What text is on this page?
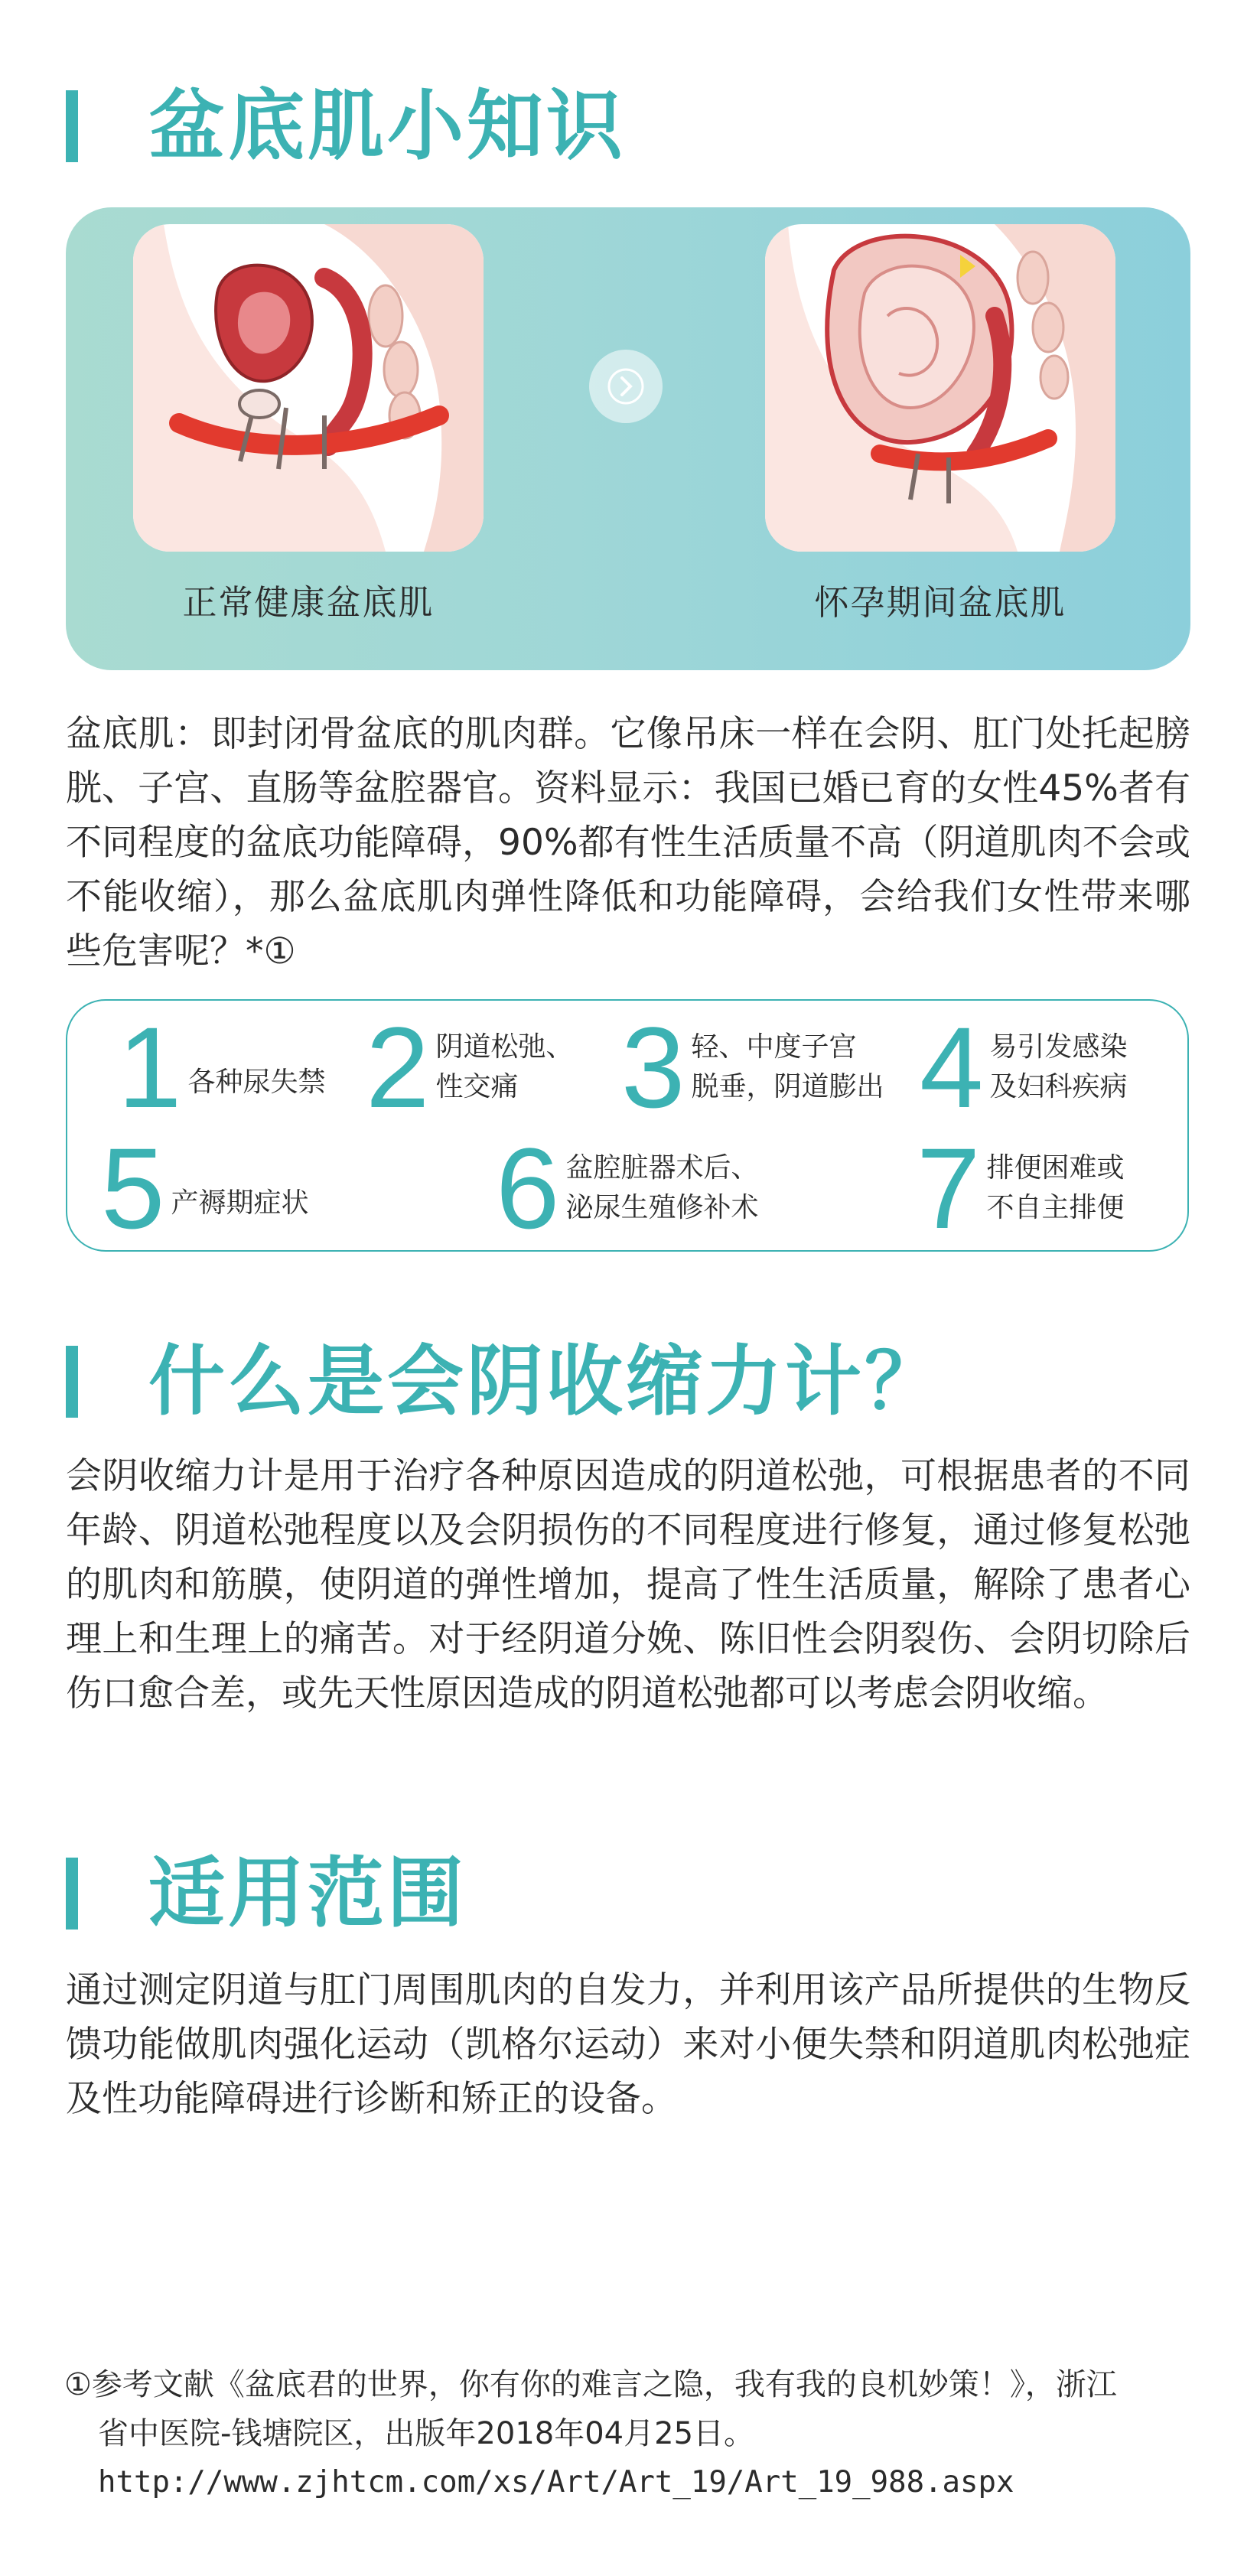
盆底肌小知识
正常健康盆底肌	怀孕期间盆底肌

盆底肌：即封闭骨盆底的肌肉群。它像吊床一样在会阴、肛门处托起膀胱、子宫、直肠等盆腔器官。资料显示：我国已婚已育的女性45%者有不同程度的盆底功能障碍，90%都有性生活质量不高（阴道肌肉不会或不能收缩），那么盆底肌肉弹性降低和功能障碍，会给我们女性带来哪些危害呢？*①

1 各种尿失禁 2 阴道松弛、
性交痛 3 轻、中度子宫
脱垂，阴道膨出 4 易引发感染
及妇科疾病
5 产褥期症状 6 盆腔脏器术后、
泌尿生殖修补术 7 排便困难或
不自主排便
什么是会阴收缩力计？

会阴收缩力计是用于治疗各种原因造成的阴道松弛，可根据患者的不同年龄、阴道松弛程度以及会阴损伤的不同程度进行修复，通过修复松弛的肌肉和筋膜，使阴道的弹性增加，提高了性生活质量，解除了患者心理上和生理上的痛苦。对于经阴道分娩、陈旧性会阴裂伤、会阴切除后伤口愈合差，或先天性原因造成的阴道松弛都可以考虑会阴收缩。

适用范围

通过测定阴道与肛门周围肌肉的自发力，并利用该产品所提供的生物反馈功能做肌肉强化运动（凯格尔运动）来对小便失禁和阴道肌肉松弛症及性功能障碍进行诊断和矫正的设备。

①参考文献《盆底君的世界，你有你的难言之隐，我有我的良机妙策！》，浙江
省中医院-钱塘院区，出版年2018年04月25日。
http://www.zjhtcm.com/xs/Art/Art_19/Art_19_988.aspx
